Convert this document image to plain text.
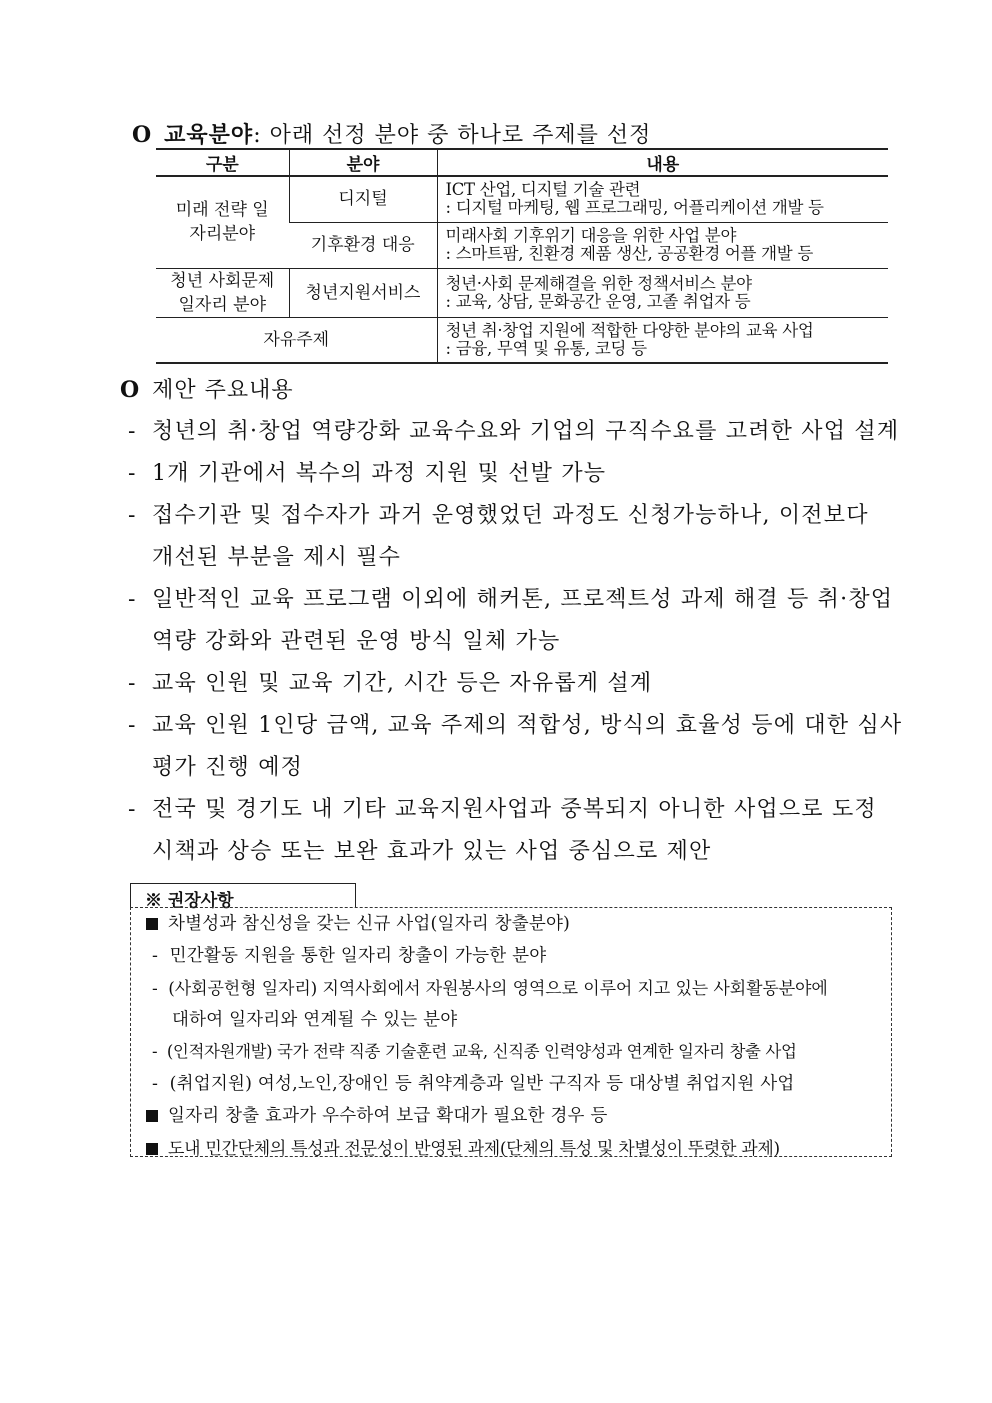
O 교육분야: 아래 선정 분야 중 하나로 주제를 선정
구분	분야	내용
미래 전략 일자리분야	디지털	ICT 산업, 디지털 기술 관련
: 디지털 마케팅, 웹 프로그래밍, 어플리케이션 개발 등

	기후환경 대응	미래사회 기후위기 대응을 위한 사업 분야
: 스마트팜, 친환경 제품 생산, 공공환경 어플 개발 등

청년 사회문제 일자리 분야	청년지원서비스	청년·사회 문제해결을 위한 정책서비스 분야
: 교육, 상담, 문화공간 운영, 고졸 취업자 등

자유주제		청년 취·창업 지원에 적합한 다양한 분야의 교육 사업
: 금융, 무역 및 유통, 코딩 등
O 제안 주요내용
- 청년의 취·창업 역량강화 교육수요와 기업의 구직수요를 고려한 사업 설계
- 1개 기관에서 복수의 과정 지원 및 선발 가능
- 접수기관 및 접수자가 과거 운영했었던 과정도 신청가능하나, 이전보다
개선된 부분을 제시 필수
- 일반적인 교육 프로그램 이외에 해커톤, 프로젝트성 과제 해결 등 취·창업
역량 강화와 관련된 운영 방식 일체 가능
- 교육 인원 및 교육 기간, 시간 등은 자유롭게 설계
- 교육 인원 1인당 금액, 교육 주제의 적합성, 방식의 효율성 등에 대한 심사
평가 진행 예정
- 전국 및 경기도 내 기타 교육지원사업과 중복되지 아니한 사업으로 도정
시책과 상승 또는 보완 효과가 있는 사업 중심으로 제안
※ 권장사항
차별성과 참신성을 갖는 신규 사업(일자리 창출분야)
- 민간활동 지원을 통한 일자리 창출이 가능한 분야
- (사회공헌형 일자리) 지역사회에서 자원봉사의 영역으로 이루어 지고 있는 사회활동분야에
대하여 일자리와 연계될 수 있는 분야
- (인적자원개발) 국가 전략 직종 기술훈련 교육, 신직종 인력양성과 연계한 일자리 창출 사업
- (취업지원) 여성,노인,장애인 등 취약계층과 일반 구직자 등 대상별 취업지원 사업
일자리 창출 효과가 우수하여 보급 확대가 필요한 경우 등
도내 민간단체의 특성과 전문성이 반영된 과제(단체의 특성 및 차별성이 뚜렷한 과제)
